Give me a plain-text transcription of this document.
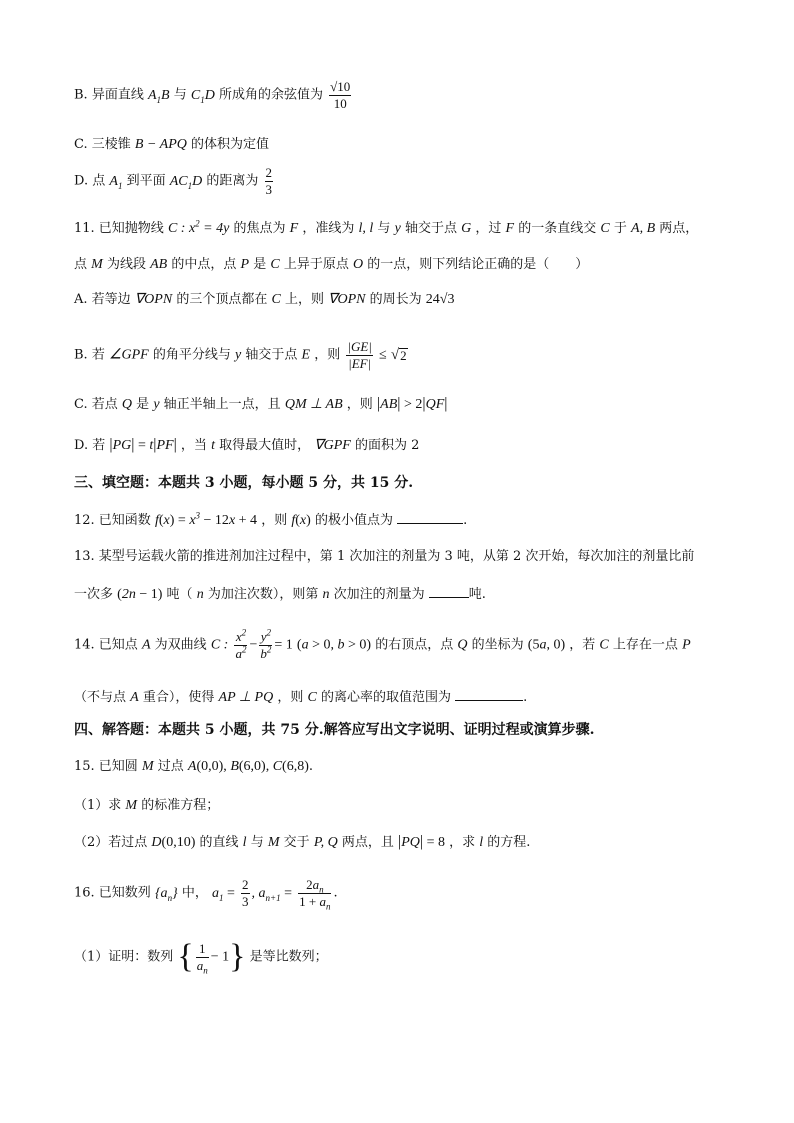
B. 异面直线 $A_1B$ 与 $C_1D$ 所成角的余弦值为 $\frac{√10}{10}$
C. 三棱锥 B − APQ 的体积为定值
D. 点 $A_1$ 到平面 $AC_1D$ 的距离为 $\frac{2}{3}$
11. 已知抛物线 C : $x^2 = 4y$ 的焦点为 F ，准线为 l, l 与 y 轴交于点 G ，过 F 的一条直线交 C 于 A, B 两点，
点 M 为线段 AB 的中点，点 P 是 C 上异于原点 O 的一点，则下列结论正确的是（　　）
A. 若等边 ∇OPN 的三个顶点都在 C 上，则 ∇OPN 的周长为 24√3
B. 若 ∠GPF 的角平分线与 y 轴交于点 E ，则 $\frac{|GE|}{|EF|}$ ≤ √ 2
C. 若点 Q 是 y 轴正半轴上一点，且 QM ⊥ AB ，则 |AB| > 2|QF|
D. 若 |PG| = t|PF| ，当 t 取得最大值时， ∇GPF 的面积为 2
三、填空题：本题共 3 小题，每小题 5 分，共 15 分.
12. 已知函数 $f(x) = x^3 - 12x + 4$ ，则 f(x) 的极小值点为	.
13. 某型号运载火箭的推进剂加注过程中，第 1 次加注的剂量为 3 吨，从第 2 次开始，每次加注的剂量比前
一次多 (2n − 1) 吨（ n 为加注次数），则第 n 次加注的剂量为	吨.
14. 已知点 A 为双曲线 C : $\frac{x^2}{a^2} - \frac{y^2}{b^2} = 1$ (a > 0, b > 0) 的右顶点，点 Q 的坐标为 (5a, 0) ，若 C 上存在一点 P
（不与点 A 重合），使得 AP ⊥ PQ ，则 C 的离心率的取值范围为	.
四、解答题：本题共 5 小题，共 75 分.解答应写出文字说明、证明过程或演算步骤.
15. 已知圆 M 过点 A(0,0), B(6,0), C(6,8).
（1）求 M 的标准方程；
（2）若过点 D(0,10) 的直线 l 与 M 交于 P, Q 两点，且 |PQ| = 8 ，求 l 的方程.
16. 已知数列 $\{a_n\}$ 中， $a_1 = \frac{2}{3}$ , $a_{n+1} = \frac{2a_n}{1 + a_n}$ .
（1）证明：数列 { $\frac{1}{a_n} - 1$} 是等比数列；
